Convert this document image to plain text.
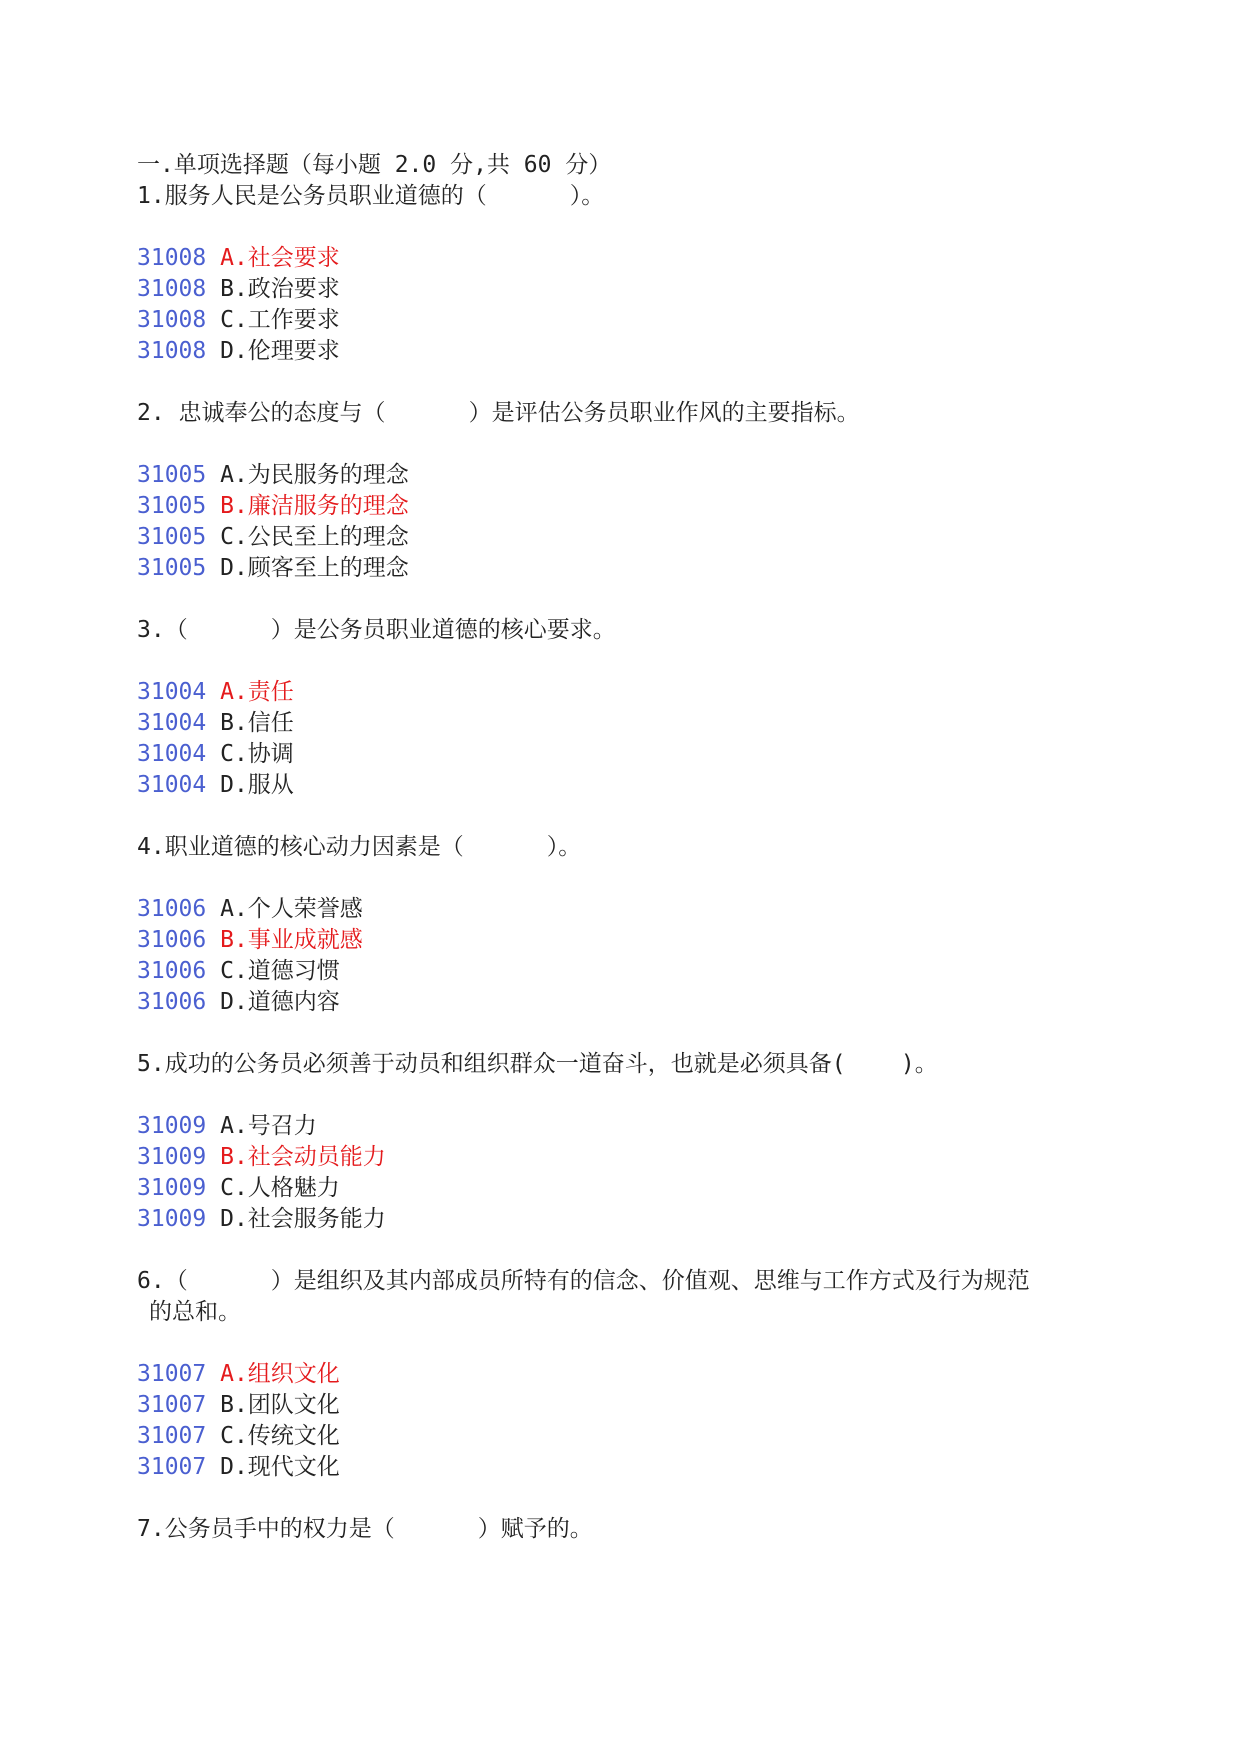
一.单项选择题（每小题 2.0 分,共 60 分）
1.服务人民是公务员职业道德的（      ）。
31008 A.社会要求
31008 B.政治要求
31008 C.工作要求
31008 D.伦理要求
2. 忠诚奉公的态度与（      ）是评估公务员职业作风的主要指标。
31005 A.为民服务的理念
31005 B.廉洁服务的理念
31005 C.公民至上的理念
31005 D.顾客至上的理念
3.（      ）是公务员职业道德的核心要求。
31004 A.责任
31004 B.信任
31004 C.协调
31004 D.服从
4.职业道德的核心动力因素是（      ）。
31006 A.个人荣誉感
31006 B.事业成就感
31006 C.道德习惯
31006 D.道德内容
5.成功的公务员必须善于动员和组织群众一道奋斗，也就是必须具备(    )。
31009 A.号召力
31009 B.社会动员能力
31009 C.人格魅力
31009 D.社会服务能力
6.（      ）是组织及其内部成员所特有的信念、价值观、思维与工作方式及行为规范
的总和。
31007 A.组织文化
31007 B.团队文化
31007 C.传统文化
31007 D.现代文化
7.公务员手中的权力是（      ）赋予的。
